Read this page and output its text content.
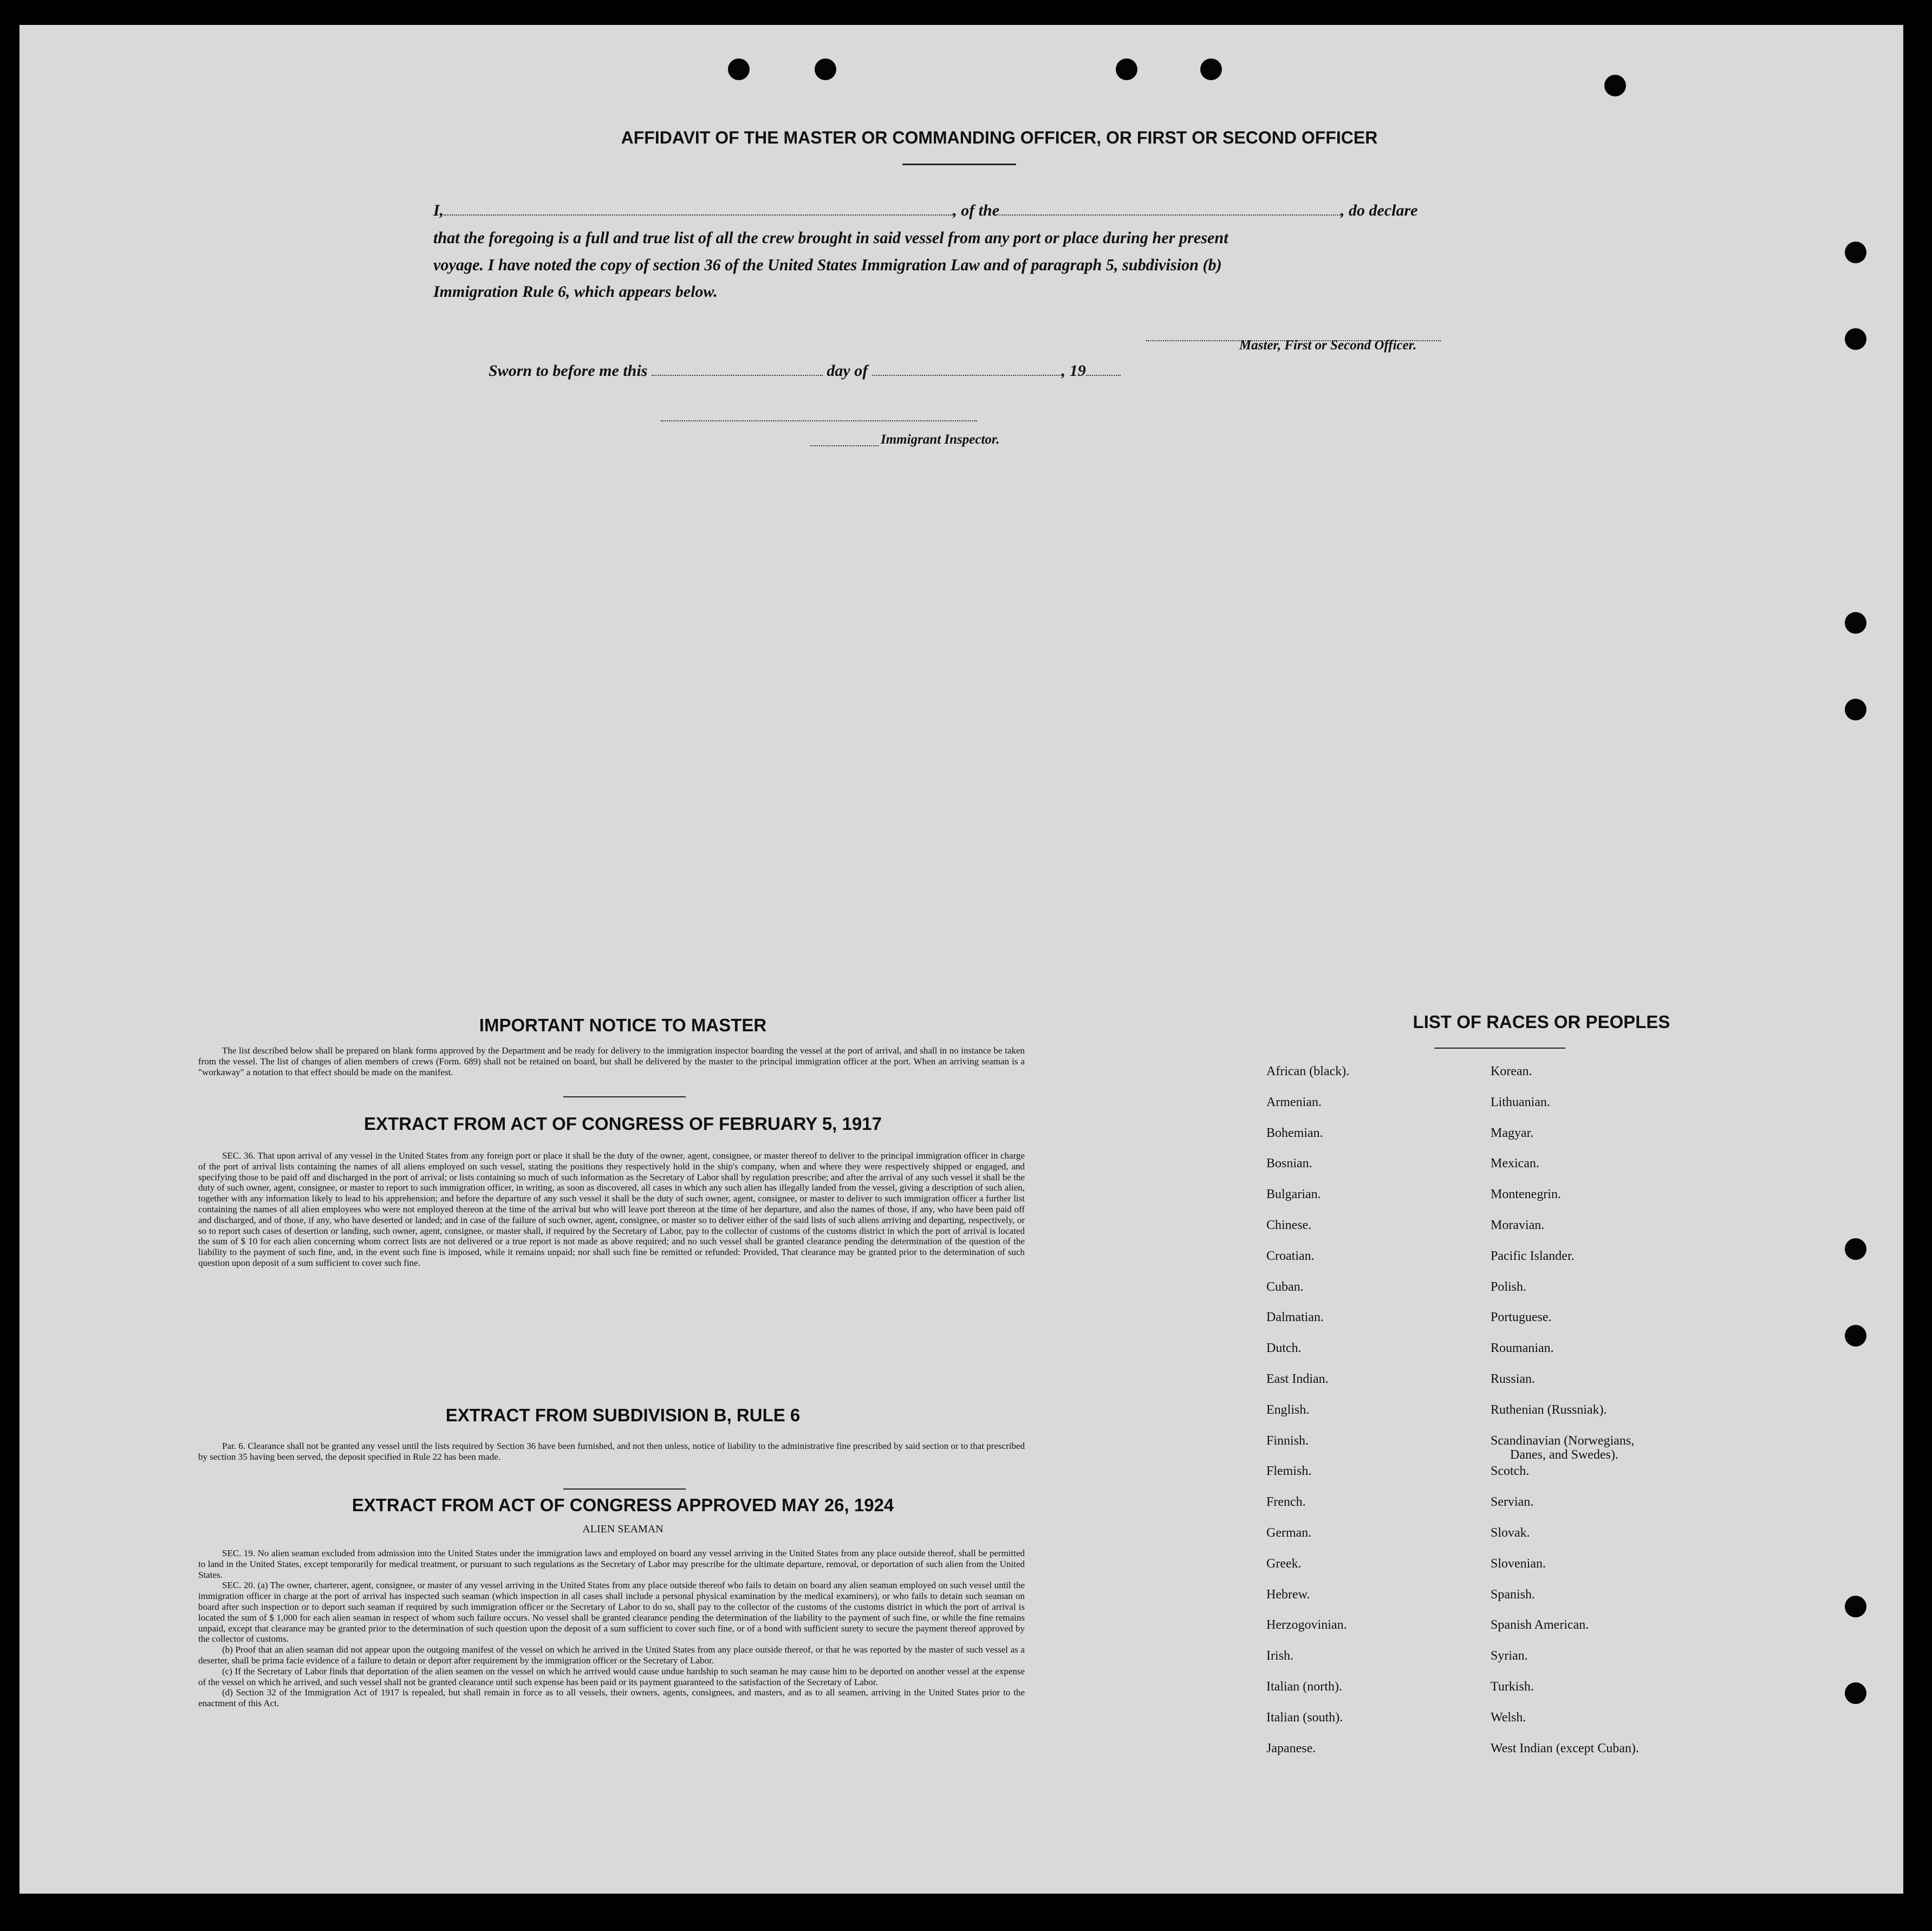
AFFIDAVIT OF THE MASTER OR COMMANDING OFFICER, OR FIRST OR SECOND OFFICER
I,	, of the	, do declare
that the foregoing is a full and true list of all the crew brought in said vessel from any port or place during her present
voyage. I have noted the copy of section 36 of the United States Immigration Law and of paragraph 5, subdivision (b)
Immigration Rule 6, which appears below.
Master, First or Second Officer.
Sworn to before me this	day of	, 19
Immigrant Inspector.
IMPORTANT NOTICE TO MASTER

The list described below shall be prepared on blank forms approved by the Department and be ready for delivery to the immigration inspector boarding the vessel at the port of arrival, and shall in no instance be taken from the vessel. The list of changes of alien members of crews (Form. 689) shall not be retained on board, but shall be delivered by the master to the principal immigration officer at the port. When an arriving seaman is a "workaway" a notation to that effect should be made on the manifest.

EXTRACT FROM ACT OF CONGRESS OF FEBRUARY 5, 1917

SEC. 36. That upon arrival of any vessel in the United States from any foreign port or place it shall be the duty of the owner, agent, consignee, or master thereof to deliver to the principal immigration officer in charge of the port of arrival lists containing the names of all aliens employed on such vessel, stating the positions they respectively hold in the ship's company, when and where they were respectively shipped or engaged, and specifying those to be paid off and discharged in the port of arrival; or lists containing so much of such information as the Secretary of Labor shall by regulation prescribe; and after the arrival of any such vessel it shall be the duty of such owner, agent, consignee, or master to report to such immigration officer, in writing, as soon as discovered, all cases in which any such alien has illegally landed from the vessel, giving a description of such alien, together with any information likely to lead to his apprehension; and before the departure of any such vessel it shall be the duty of such owner, agent, consignee, or master to deliver to such immigration officer a further list containing the names of all alien employees who were not employed thereon at the time of the arrival but who will leave port thereon at the time of her departure, and also the names of those, if any, who have been paid off and discharged, and of those, if any, who have deserted or landed; and in case of the failure of such owner, agent, consignee, or master so to deliver either of the said lists of such aliens arriving and departing, respectively, or so to report such cases of desertion or landing, such owner, agent, consignee, or master shall, if required by the Secretary of Labor, pay to the collector of customs of the customs district in which the port of arrival is located the sum of $ 10 for each alien concerning whom correct lists are not delivered or a true report is not made as above required; and no such vessel shall be granted clearance pending the determination of the question of the liability to the payment of such fine, and, in the event such fine is imposed, while it remains unpaid; nor shall such fine be remitted or refunded: Provided, That clearance may be granted prior to the determination of such question upon deposit of a sum sufficient to cover such fine.

EXTRACT FROM SUBDIVISION B, RULE 6

Par. 6. Clearance shall not be granted any vessel until the lists required by Section 36 have been furnished, and not then unless, notice of liability to the administrative fine prescribed by said section or to that prescribed by section 35 having been served, the deposit specified in Rule 22 has been made.

EXTRACT FROM ACT OF CONGRESS APPROVED MAY 26, 1924
ALIEN SEAMAN

SEC. 19. No alien seaman excluded from admission into the United States under the immigration laws and employed on board any vessel arriving in the United States from any place outside thereof, shall be permitted to land in the United States, except temporarily for medical treatment, or pursuant to such regulations as the Secretary of Labor may prescribe for the ultimate departure, removal, or deportation of such alien from the United States.

SEC. 20. (a) The owner, charterer, agent, consignee, or master of any vessel arriving in the United States from any place outside thereof who fails to detain on board any alien seaman employed on such vessel until the immigration officer in charge at the port of arrival has inspected such seaman (which inspection in all cases shall include a personal physical examination by the medical examiners), or who fails to detain such seaman on board after such inspection or to deport such seaman if required by such immigration officer or the Secretary of Labor to do so, shall pay to the collector of the customs of the customs district in which the port of arrival is located the sum of $ 1,000 for each alien seaman in respect of whom such failure occurs. No vessel shall be granted clearance pending the determination of the liability to the payment of such fine, or while the fine remains unpaid, except that clearance may be granted prior to the determination of such question upon the deposit of a sum sufficient to cover such fine, or of a bond with sufficient surety to secure the payment thereof approved by the collector of customs.

(b) Proof that an alien seaman did not appear upon the outgoing manifest of the vessel on which he arrived in the United States from any place outside thereof, or that he was reported by the master of such vessel as a deserter, shall be prima facie evidence of a failure to detain or deport after requirement by the immigration officer or the Secretary of Labor.

(c) If the Secretary of Labor finds that deportation of the alien seamen on the vessel on which he arrived would cause undue hardship to such seaman he may cause him to be deported on another vessel at the expense of the vessel on which he arrived, and such vessel shall not be granted clearance until such expense has been paid or its payment guaranteed to the satisfaction of the Secretary of Labor.

(d) Section 32 of the Immigration Act of 1917 is repealed, but shall remain in force as to all vessels, their owners, agents, consignees, and masters, and as to all seamen, arriving in the United States prior to the enactment of this Act.

LIST OF RACES OR PEOPLES
African (black).
Armenian.
Bohemian.
Bosnian.
Bulgarian.
Chinese.
Croatian.
Cuban.
Dalmatian.
Dutch.
East Indian.
English.
Finnish.
Flemish.
French.
German.
Greek.
Hebrew.
Herzogovinian.
Irish.
Italian (north).
Italian (south).
Japanese.
Korean.
Lithuanian.
Magyar.
Mexican.
Montenegrin.
Moravian.
Pacific Islander.
Polish.
Portuguese.
Roumanian.
Russian.
Ruthenian (Russniak).
Scandinavian (Norwegians,
Danes, and Swedes).
Scotch.
Servian.
Slovak.
Slovenian.
Spanish.
Spanish American.
Syrian.
Turkish.
Welsh.
West Indian (except Cuban).
